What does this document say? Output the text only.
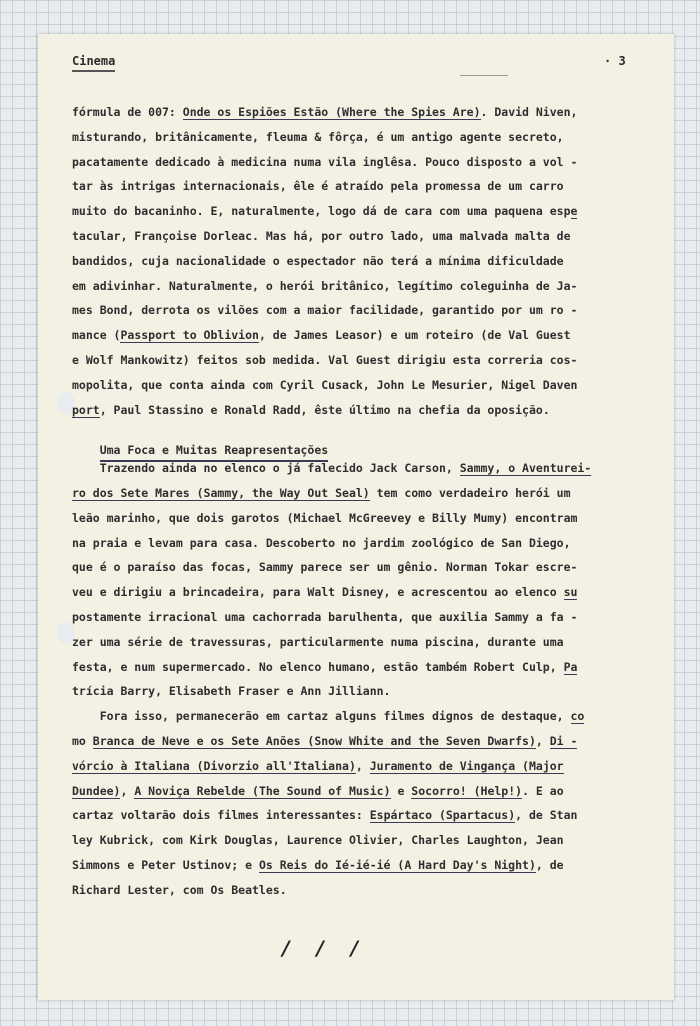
Cinema	· 3
fórmula de 007: Onde os Espiões Estão (Where the Spies Are). David Niven,
misturando, britânicamente, fleuma & fôrça, é um antigo agente secreto,
pacatamente dedicado à medicina numa vila inglêsa. Pouco disposto a vol -
tar às intrigas internacionais, êle é atraído pela promessa de um carro
muito do bacaninho. E, naturalmente, logo dá de cara com uma paquena espe
tacular, Françoise Dorleac. Mas há, por outro lado, uma malvada malta de
bandidos, cuja nacionalidade o espectador não terá a mínima dificuldade
em adivinhar. Naturalmente, o herói britânico, legítimo coleguinha de Ja-
mes Bond, derrota os vilões com a maior facilidade, garantido por um ro -
mance (Passport to Oblivion, de James Leasor) e um roteiro (de Val Guest
e Wolf Mankowitz) feitos sob medida. Val Guest dirigiu esta correria cos-
mopolita, que conta ainda com Cyril Cusack, John Le Mesurier, Nigel Daven
port, Paul Stassino e Ronald Radd, êste último na chefia da oposição.

Uma Foca e Muitas Reapresentações

Trazendo ainda no elenco o já falecido Jack Carson, Sammy, o Aventurei-
ro dos Sete Mares (Sammy, the Way Out Seal) tem como verdadeiro herói um
leão marinho, que dois garotos (Michael McGreevey e Billy Mumy) encontram
na praia e levam para casa. Descoberto no jardim zoológico de San Diego,
que é o paraíso das focas, Sammy parece ser um gênio. Norman Tokar escre-
veu e dirigiu a brincadeira, para Walt Disney, e acrescentou ao elenco su
postamente irracional uma cachorrada barulhenta, que auxilia Sammy a fa -
zer uma série de travessuras, particularmente numa piscina, durante uma
festa, e num supermercado. No elenco humano, estão também Robert Culp, Pa
trícia Barry, Elisabeth Fraser e Ann Jilliann.
Fora isso, permanecerão em cartaz alguns filmes dignos de destaque, co
mo Branca de Neve e os Sete Anões (Snow White and the Seven Dwarfs), Di -
vórcio à Italiana (Divorzio all'Italiana), Juramento de Vingança (Major
Dundee), A Noviça Rebelde (The Sound of Music) e Socorro! (Help!). E ao
cartaz voltarão dois filmes interessantes: Espártaco (Spartacus), de Stan
ley Kubrick, com Kirk Douglas, Laurence Olivier, Charles Laughton, Jean
Simmons e Peter Ustinov; e Os Reis do Ié-ié-ié (A Hard Day's Night), de
Richard Lester, com Os Beatles.
/ / /
